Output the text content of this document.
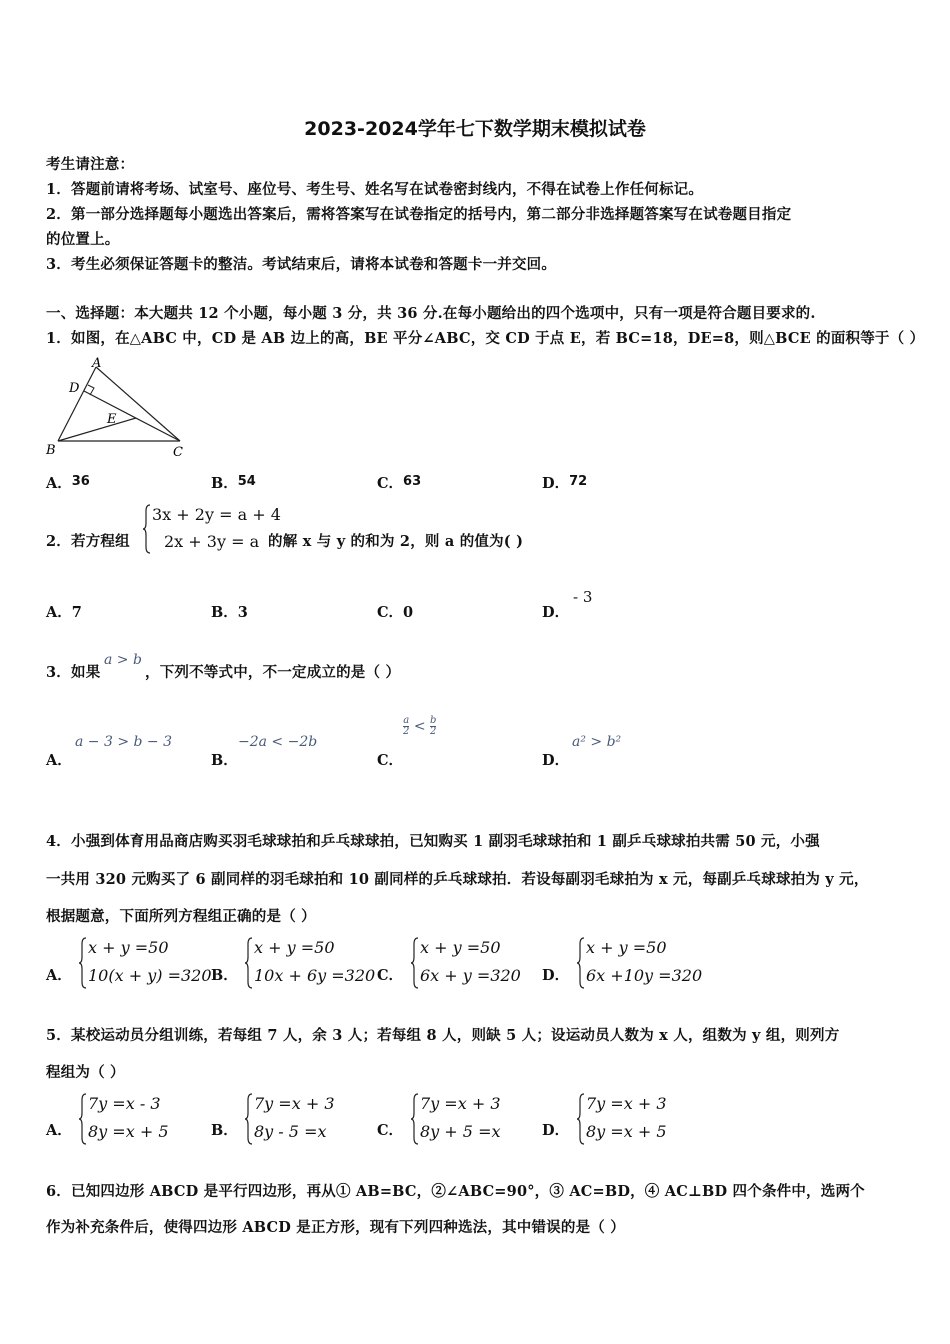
2023-2024学年七下数学期末模拟试卷
考生请注意：
1．答题前请将考场、试室号、座位号、考生号、姓名写在试卷密封线内，不得在试卷上作任何标记。
2．第一部分选择题每小题选出答案后，需将答案写在试卷指定的括号内，第二部分非选择题答案写在试卷题目指定
的位置上。
3．考生必须保证答题卡的整洁。考试结束后，请将本试卷和答题卡一并交回。
一、选择题：本大题共 12 个小题，每小题 3 分，共 36 分.在每小题给出的四个选项中，只有一项是符合题目要求的.
1．如图，在△ABC 中，CD 是 AB 边上的高，BE 平分∠ABC，交 CD 于点 E，若 BC=18，DE=8，则△BCE 的面积等于（ ）
A
D
E
B	C
A．36	B．54	C．63	D．72
2．若方程组
3x + 2y = a + 4
2x + 3y = a 的解 x 与 y 的和为 2，则 a 的值为( )
A．7	B．3	C．0	D．
- 3
3．如果
a > b
，下列不等式中，不一定成立的是（ ）
A．
a − 3 > b − 3
B．
−2a < −2b
C．
$\frac{a}{2} < \frac{b}{2}$
D．
a² > b²
4．小强到体育用品商店购买羽毛球球拍和乒乓球球拍，已知购买 1 副羽毛球球拍和 1 副乒乓球球拍共需 50 元，小强
一共用 320 元购买了 6 副同样的羽毛球拍和 10 副同样的乒乓球球拍．若设每副羽毛球拍为 x 元，每副乒乓球球拍为 y 元，
根据题意，下面所列方程组正确的是（ ）
A．
x + y =50
10(x + y) =320 B．
x + y =50
10x + 6y =320 C．
x + y =50
6x + y =320 D．
x + y =50
6x +10y =320
5．某校运动员分组训练，若每组 7 人，余 3 人；若每组 8 人，则缺 5 人；设运动员人数为 x 人，组数为 y 组，则列方
程组为（ ）
A．
7y =x - 3
8y =x + 5	B．
7y =x + 3
8y - 5 =x	C．
7y =x + 3
8y + 5 =x	D．
7y =x + 3
8y =x + 5
6．已知四边形 ABCD 是平行四边形，再从① AB=BC，②∠ABC=90°，③ AC=BD，④ AC⊥BD 四个条件中，选两个
作为补充条件后，使得四边形 ABCD 是正方形，现有下列四种选法，其中错误的是（ ）
